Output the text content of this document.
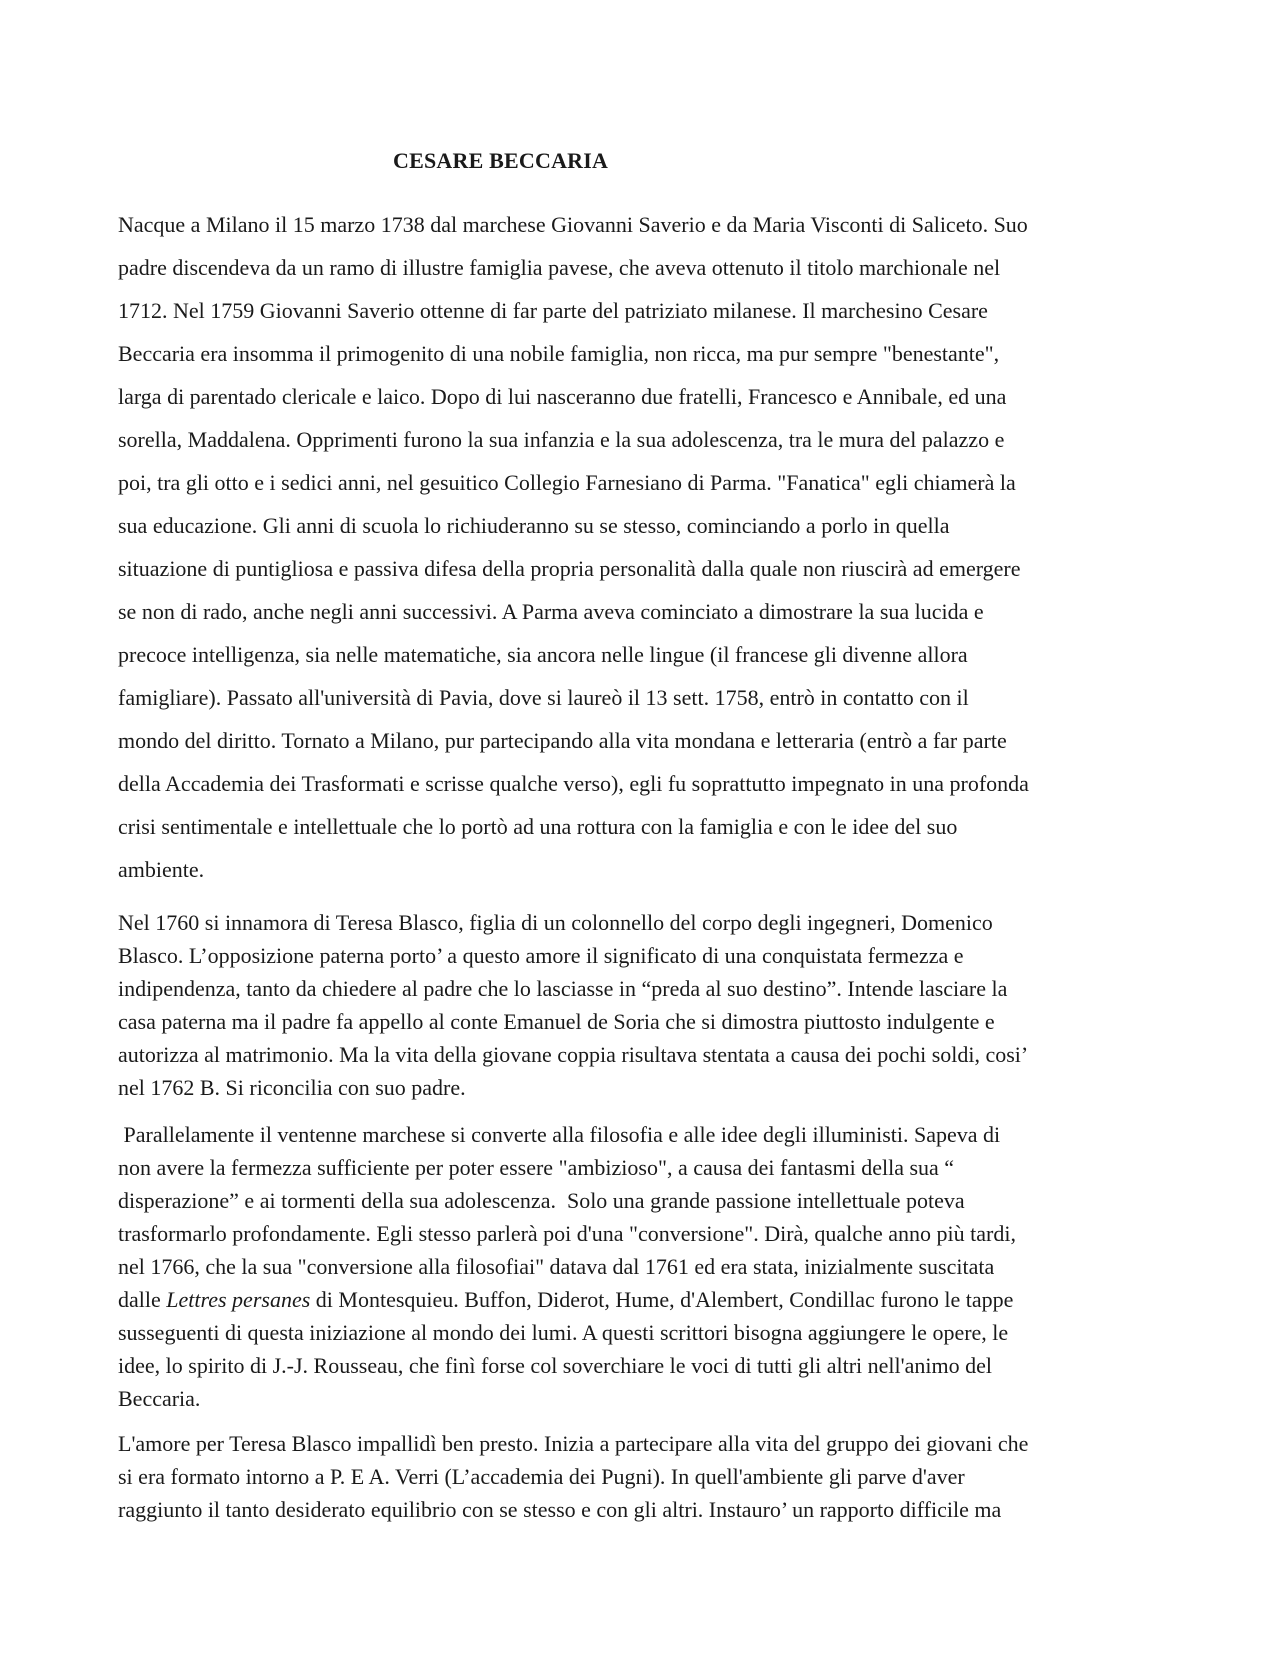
CESARE BECCARIA

Nacque a Milano il 15 marzo 1738 dal marchese Giovanni Saverio e da Maria Visconti di Saliceto. Suo
padre discendeva da un ramo di illustre famiglia pavese, che aveva ottenuto il titolo marchionale nel
1712. Nel 1759 Giovanni Saverio ottenne di far parte del patriziato milanese. Il marchesino Cesare
Beccaria era insomma il primogenito di una nobile famiglia, non ricca, ma pur sempre "benestante",
larga di parentado clericale e laico. Dopo di lui nasceranno due fratelli, Francesco e Annibale, ed una
sorella, Maddalena. Opprimenti furono la sua infanzia e la sua adolescenza, tra le mura del palazzo e
poi, tra gli otto e i sedici anni, nel gesuitico Collegio Farnesiano di Parma. "Fanatica" egli chiamerà la
sua educazione. Gli anni di scuola lo richiuderanno su se stesso, cominciando a porlo in quella
situazione di puntigliosa e passiva difesa della propria personalità dalla quale non riuscirà ad emergere
se non di rado, anche negli anni successivi. A Parma aveva cominciato a dimostrare la sua lucida e
precoce intelligenza, sia nelle matematiche, sia ancora nelle lingue (il francese gli divenne allora
famigliare). Passato all'università di Pavia, dove si laureò il 13 sett. 1758, entrò in contatto con il
mondo del diritto. Tornato a Milano, pur partecipando alla vita mondana e letteraria (entrò a far parte
della Accademia dei Trasformati e scrisse qualche verso), egli fu soprattutto impegnato in una profonda
crisi sentimentale e intellettuale che lo portò ad una rottura con la famiglia e con le idee del suo
ambiente.

Nel 1760 si innamora di Teresa Blasco, figlia di un colonnello del corpo degli ingegneri, Domenico
Blasco. L’opposizione paterna porto’ a questo amore il significato di una conquistata fermezza e
indipendenza, tanto da chiedere al padre che lo lasciasse in “preda al suo destino”. Intende lasciare la
casa paterna ma il padre fa appello al conte Emanuel de Soria che si dimostra piuttosto indulgente e
autorizza al matrimonio. Ma la vita della giovane coppia risultava stentata a causa dei pochi soldi, cosi’
nel 1762 B. Si riconcilia con suo padre.

Parallelamente il ventenne marchese si converte alla filosofia e alle idee degli illuministi. Sapeva di
non avere la fermezza sufficiente per poter essere "ambizioso", a causa dei fantasmi della sua “
disperazione” e ai tormenti della sua adolescenza.  Solo una grande passione intellettuale poteva
trasformarlo profondamente. Egli stesso parlerà poi d'una "conversione". Dirà, qualche anno più tardi,
nel 1766, che la sua "conversione alla filosofiai" datava dal 1761 ed era stata, inizialmente suscitata
dalle Lettres persanes di Montesquieu. Buffon, Diderot, Hume, d'Alembert, Condillac furono le tappe
susseguenti di questa iniziazione al mondo dei lumi. A questi scrittori bisogna aggiungere le opere, le
idee, lo spirito di J.-J. Rousseau, che finì forse col soverchiare le voci di tutti gli altri nell'animo del
Beccaria.

L'amore per Teresa Blasco impallidì ben presto. Inizia a partecipare alla vita del gruppo dei giovani che
si era formato intorno a P. E A. Verri (L’accademia dei Pugni). In quell'ambiente gli parve d'aver
raggiunto il tanto desiderato equilibrio con se stesso e con gli altri. Instauro’ un rapporto difficile ma
